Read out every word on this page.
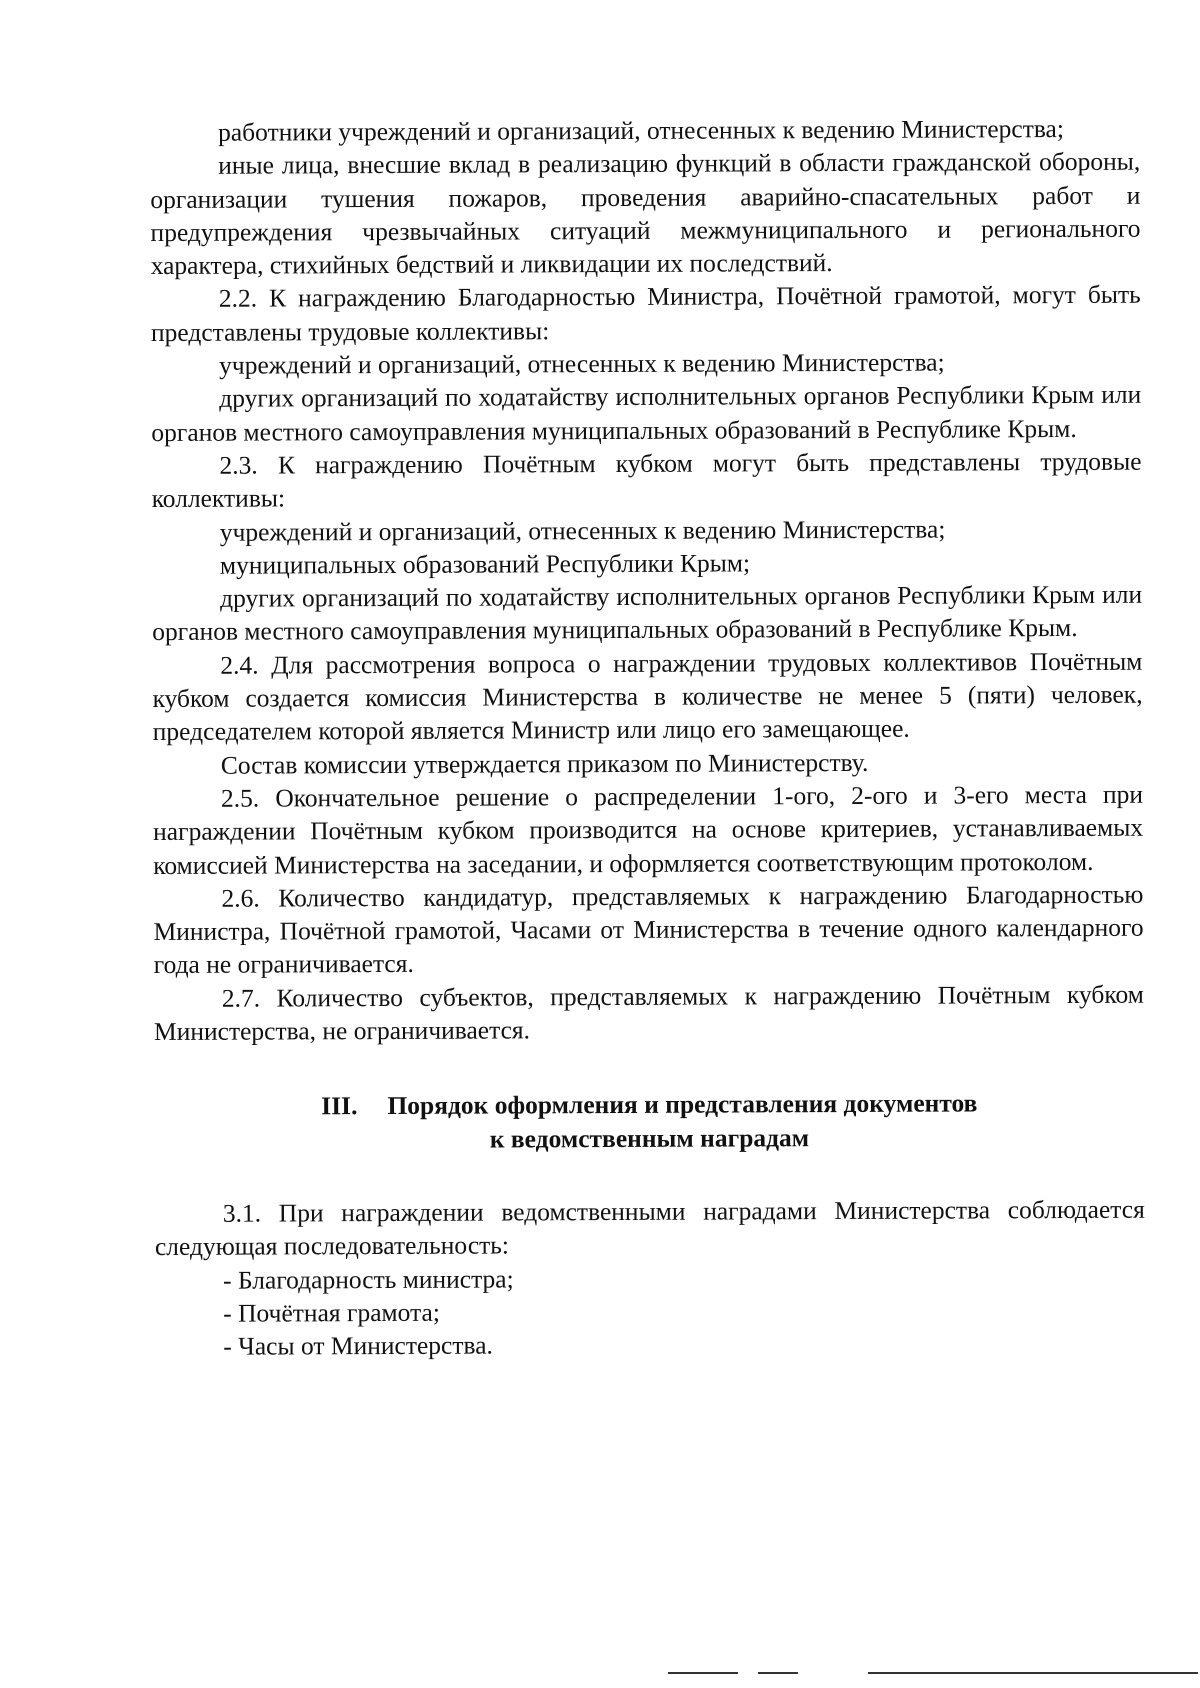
работники учреждений и организаций, отнесенных к ведению Министерства;

иные лица, внесшие вклад в реализацию функций в области гражданской обороны, организации тушения пожаров, проведения аварийно-спасательных работ и предупреждения чрезвычайных ситуаций межмуниципального и регионального характера, стихийных бедствий и ликвидации их последствий.

2.2. К награждению Благодарностью Министра, Почётной грамотой, могут быть представлены трудовые коллективы:

учреждений и организаций, отнесенных к ведению Министерства;

других организаций по ходатайству исполнительных органов Республики Крым или органов местного самоуправления муниципальных образований в Республике Крым.

2.3. К награждению Почётным кубком могут быть представлены трудовые коллективы:

учреждений и организаций, отнесенных к ведению Министерства;

муниципальных образований Республики Крым;

других организаций по ходатайству исполнительных органов Республики Крым или органов местного самоуправления муниципальных образований в Республике Крым.

2.4. Для рассмотрения вопроса о награждении трудовых коллективов Почётным кубком создается комиссия Министерства в количестве не менее 5 (пяти) человек, председателем которой является Министр или лицо его замещающее.

Состав комиссии утверждается приказом по Министерству.

2.5. Окончательное решение о распределении 1-ого, 2-ого и 3-его места при награждении Почётным кубком производится на основе критериев, устанавливаемых комиссией Министерства на заседании, и оформляется соответствующим протоколом.

2.6. Количество кандидатур, представляемых к награждению Благодарностью Министра, Почётной грамотой, Часами от Министерства в течение одного календарного года не ограничивается.

2.7. Количество субъектов, представляемых к награждению Почётным кубком Министерства, не ограничивается.

III. Порядок оформления и представления документов

к ведомственным наградам

3.1. При награждении ведомственными наградами Министерства соблюдается следующая последовательность:

- Благодарность министра;

- Почётная грамота;

- Часы от Министерства.
